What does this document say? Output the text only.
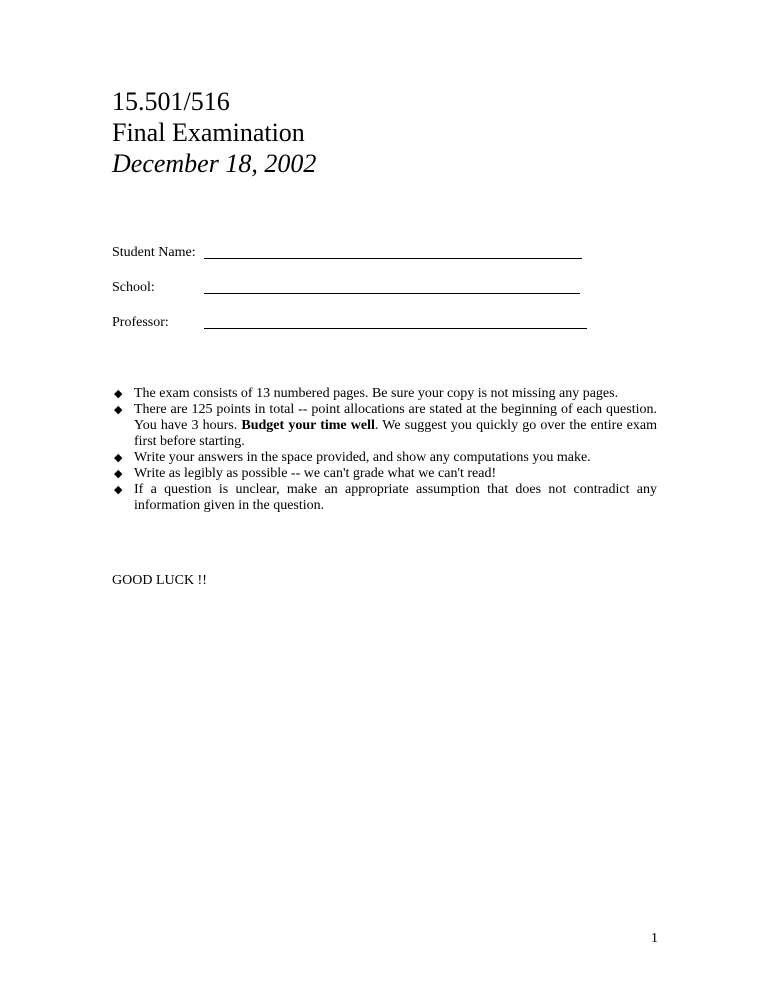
15.501/516
Final Examination
December 18, 2002
Student Name:
School:
Professor:
◆ The exam consists of 13 numbered pages. Be sure your copy is not missing any pages.
◆ There are 125 points in total -- point allocations are stated at the beginning of each question. You have 3 hours. Budget your time well. We suggest you quickly go over the entire exam first before starting.
◆ Write your answers in the space provided, and show any computations you make.
◆ Write as legibly as possible -- we can't grade what we can't read!
◆ If a question is unclear, make an appropriate assumption that does not contradict any information given in the question.
GOOD LUCK !!
1
